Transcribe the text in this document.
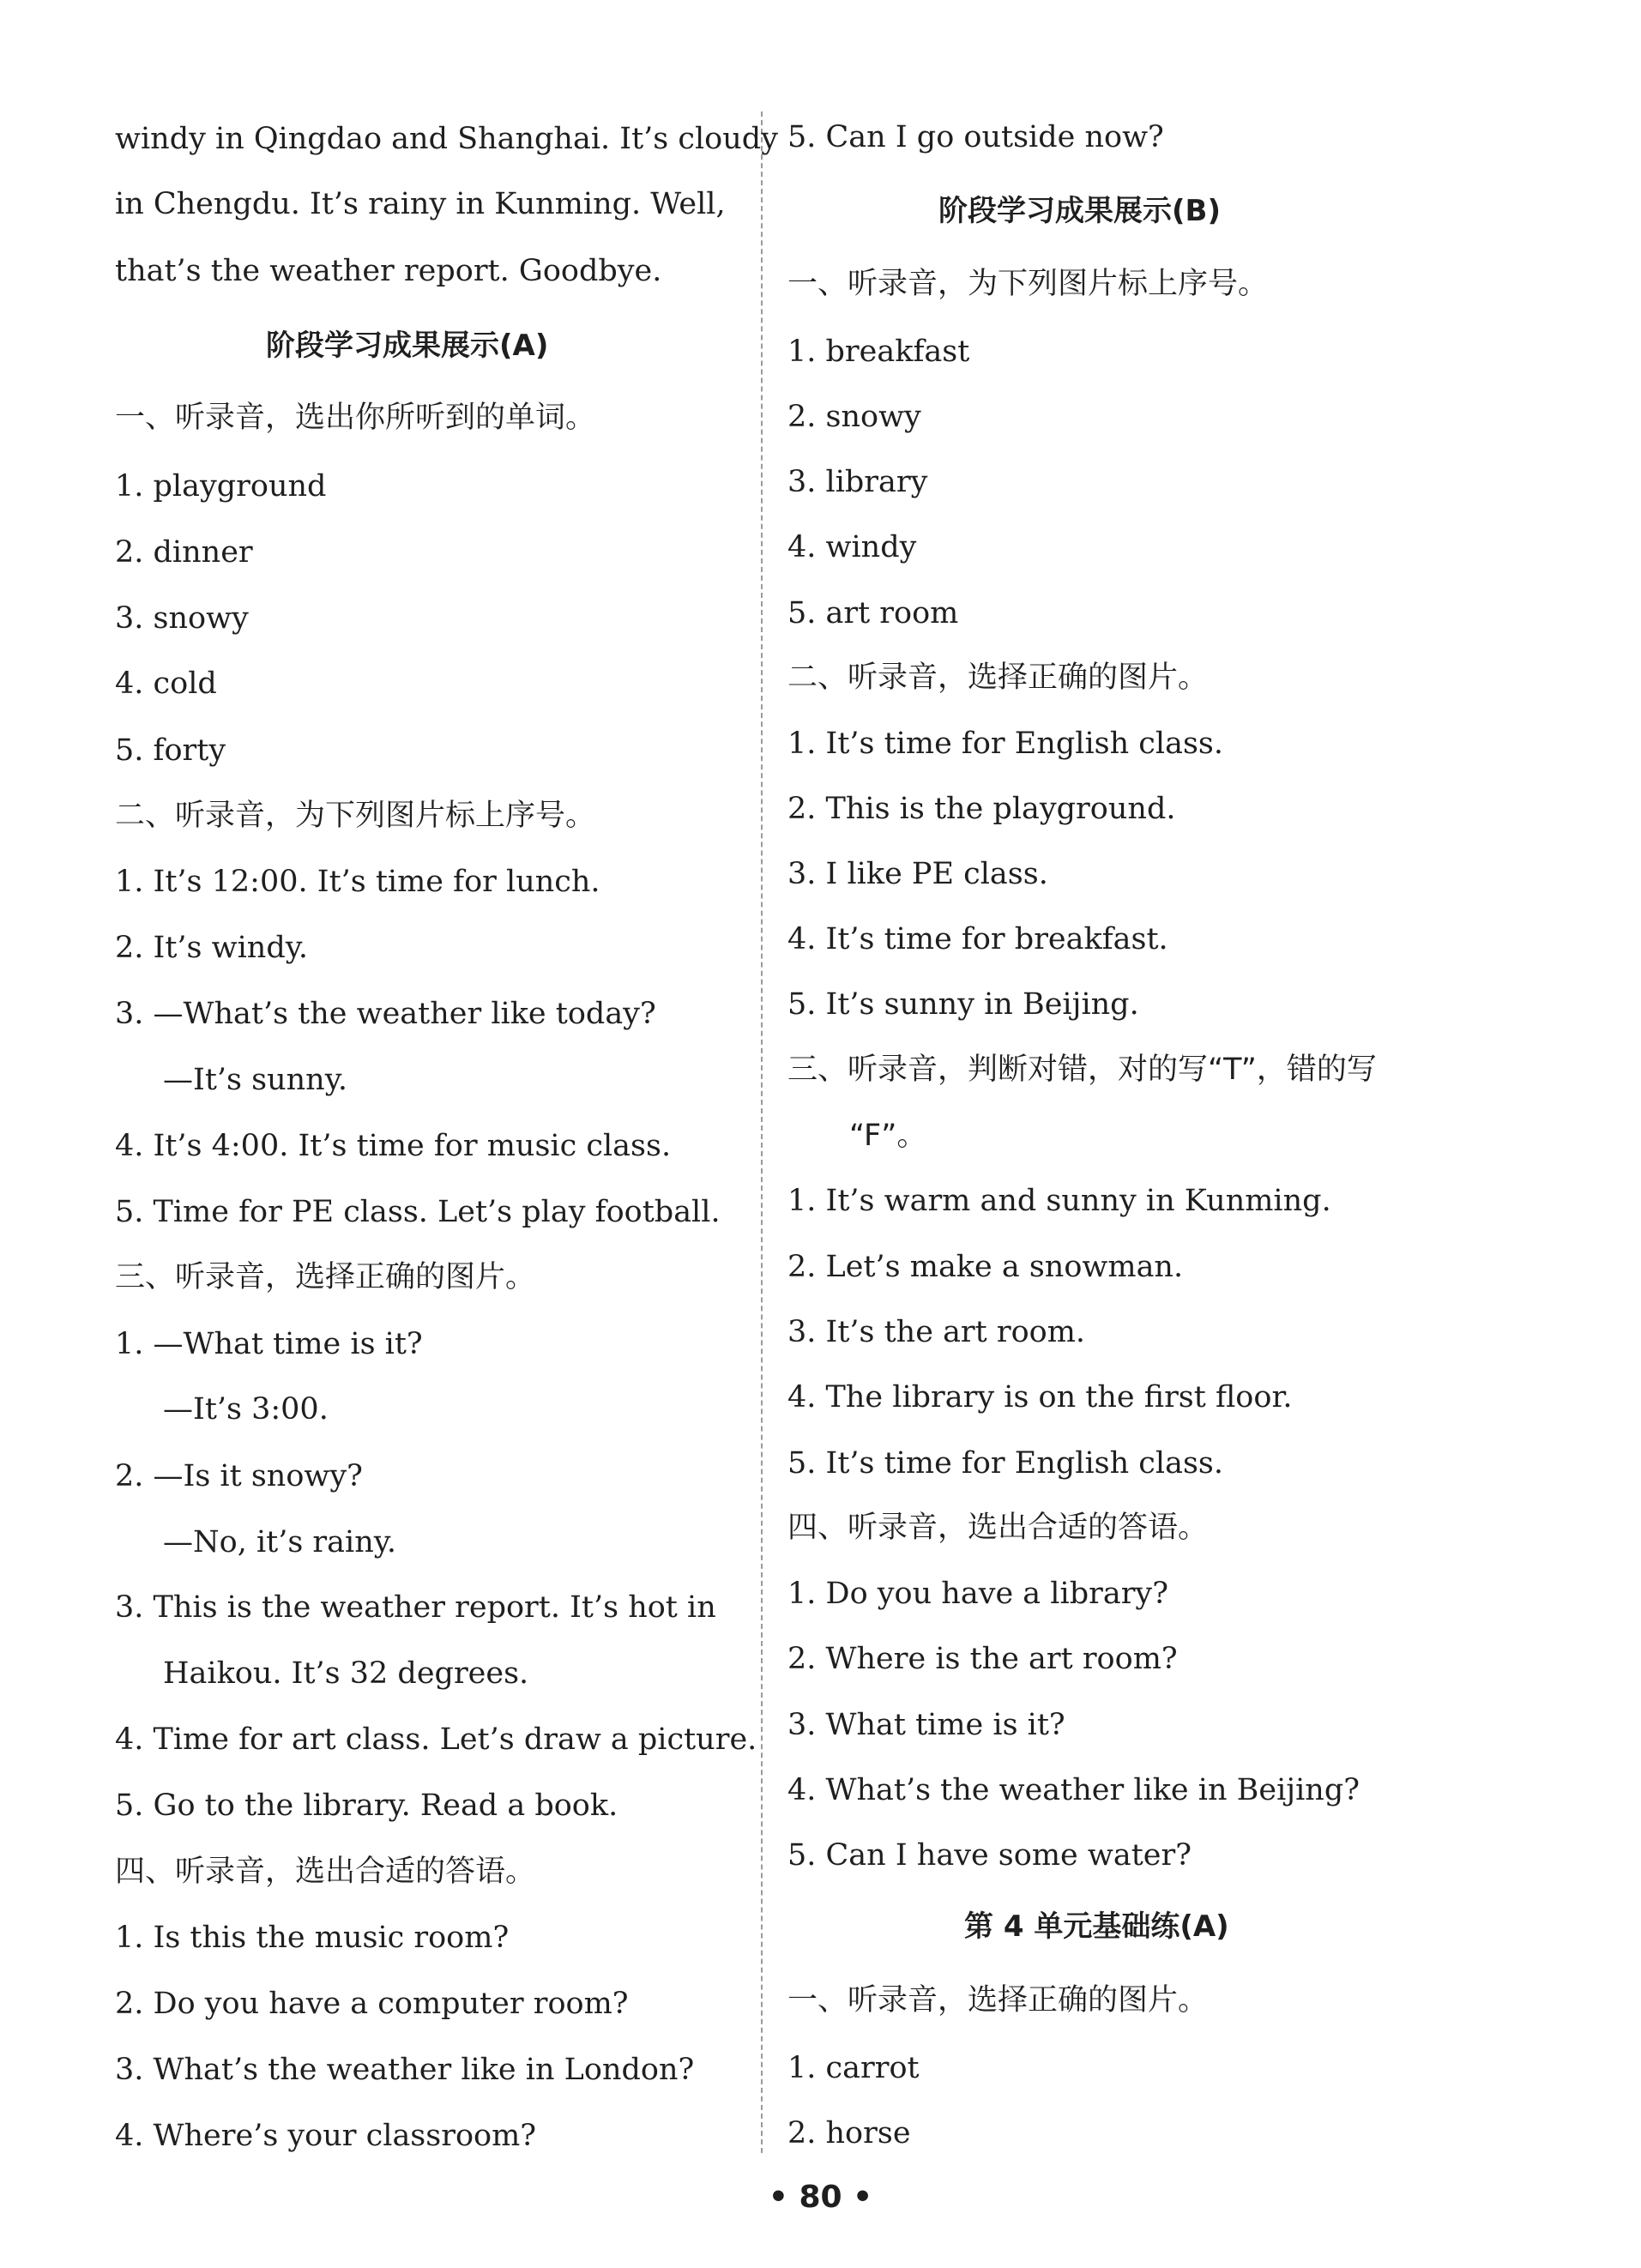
windy in Qingdao and Shanghai. It’s cloudy
in Chengdu. It’s rainy in Kunming. Well,
that’s the weather report. Goodbye.
阶段学习成果展示(A)
一、听录音，选出你所听到的单词。
1. playground
2. dinner
3. snowy
4. cold
5. forty
二、听录音，为下列图片标上序号。
1. It’s 12:00. It’s time for lunch.
2. It’s windy.
3. —What’s the weather like today?
—It’s sunny.
4. It’s 4:00. It’s time for music class.
5. Time for PE class. Let’s play football.
三、听录音，选择正确的图片。
1. —What time is it?
—It’s 3:00.
2. —Is it snowy?
—No, it’s rainy.
3. This is the weather report. It’s hot in
Haikou. It’s 32 degrees.
4. Time for art class. Let’s draw a picture.
5. Go to the library. Read a book.
四、听录音，选出合适的答语。
1. Is this the music room?
2. Do you have a computer room?
3. What’s the weather like in London?
4. Where’s your classroom?
5. Can I go outside now?
阶段学习成果展示(B)
一、听录音，为下列图片标上序号。
1. breakfast
2. snowy
3. library
4. windy
5. art room
二、听录音，选择正确的图片。
1. It’s time for English class.
2. This is the playground.
3. I like PE class.
4. It’s time for breakfast.
5. It’s sunny in Beijing.
三、听录音，判断对错，对的写“T”，错的写
“F”。
1. It’s warm and sunny in Kunming.
2. Let’s make a snowman.
3. It’s the art room.
4. The library is on the first floor.
5. It’s time for English class.
四、听录音，选出合适的答语。
1. Do you have a library?
2. Where is the art room?
3. What time is it?
4. What’s the weather like in Beijing?
5. Can I have some water?
第 4 单元基础练(A)
一、听录音，选择正确的图片。
1. carrot
2. horse
• 80 •
